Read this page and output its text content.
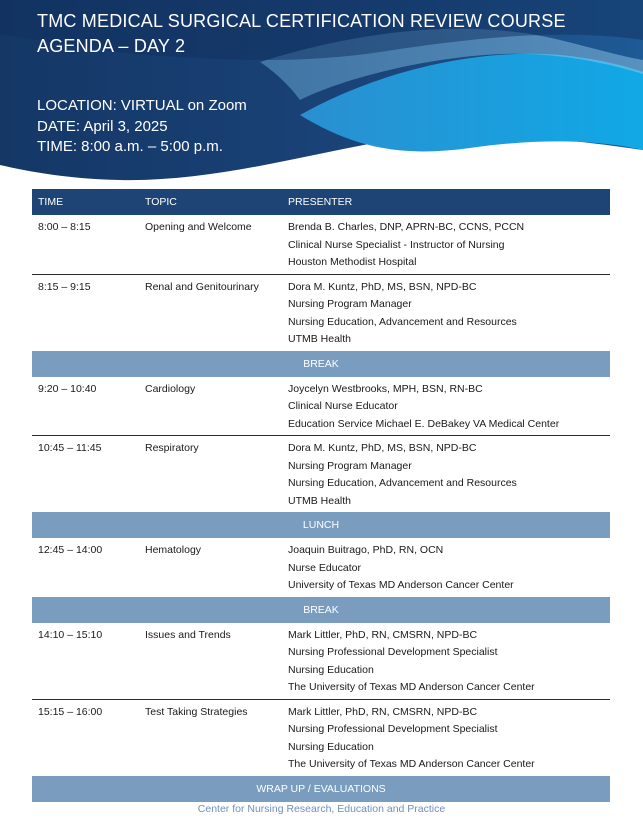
TMC MEDICAL SURGICAL CERTIFICATION REVIEW COURSE
AGENDA – DAY 2
LOCATION: VIRTUAL on Zoom
DATE: April 3, 2025
TIME: 8:00 a.m. – 5:00 p.m.
TIME	TOPIC	PRESENTER
8:00 – 8:15	Opening and Welcome	Brenda B. Charles, DNP, APRN-BC, CCNS, PCCN
Clinical Nurse Specialist - Instructor of Nursing
Houston Methodist Hospital

8:15 – 9:15	Renal and Genitourinary	Dora M. Kuntz, PhD, MS, BSN, NPD-BC
Nursing Program Manager
Nursing Education, Advancement and Resources
UTMB Health

BREAK		
9:20 – 10:40	Cardiology	Joycelyn Westbrooks, MPH, BSN, RN-BC
Clinical Nurse Educator
Education Service Michael E. DeBakey VA Medical Center

10:45 – 11:45	Respiratory	Dora M. Kuntz, PhD, MS, BSN, NPD-BC
Nursing Program Manager
Nursing Education, Advancement and Resources
UTMB Health

LUNCH		
12:45 – 14:00	Hematology	Joaquin Buitrago, PhD, RN, OCN
Nurse Educator
University of Texas MD Anderson Cancer Center

BREAK		
14:10 – 15:10	Issues and Trends	Mark Littler, PhD, RN, CMSRN, NPD-BC
Nursing Professional Development Specialist
Nursing Education
The University of Texas MD Anderson Cancer Center

15:15 – 16:00	Test Taking Strategies	Mark Littler, PhD, RN, CMSRN, NPD-BC
Nursing Professional Development Specialist
Nursing Education
The University of Texas MD Anderson Cancer Center

WRAP UP / EVALUATIONS		
Center for Nursing Research, Education and Practice
